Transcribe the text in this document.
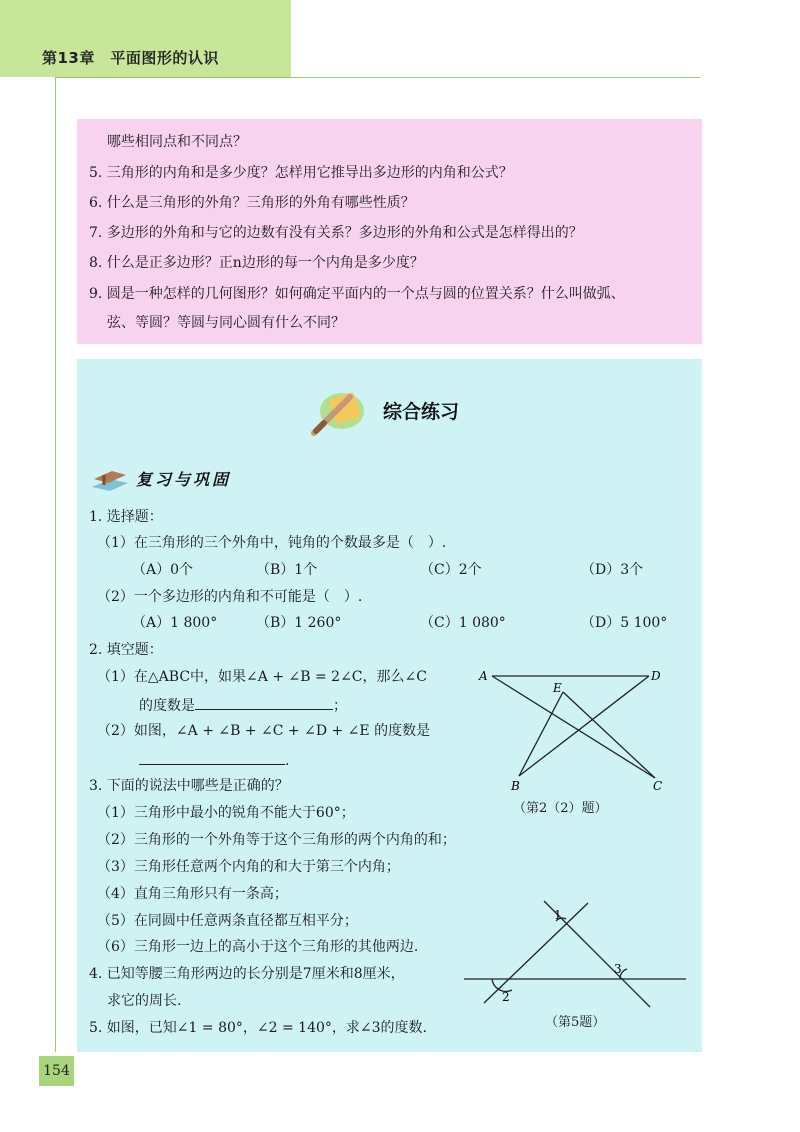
第13章　平面图形的认识
哪些相同点和不同点？
5. 三角形的内角和是多少度？怎样用它推导出多边形的内角和公式？
6. 什么是三角形的外角？三角形的外角有哪些性质？
7. 多边形的外角和与它的边数有没有关系？多边形的外角和公式是怎样得出的？
8. 什么是正多边形？正n边形的每一个内角是多少度？
9. 圆是一种怎样的几何图形？如何确定平面内的一个点与圆的位置关系？什么叫做弧、
弦、等圆？等圆与同心圆有什么不同？
综合练习
复习与巩固
1. 选择题：
（1）在三角形的三个外角中，钝角的个数最多是（　）.
（A）0个	（B）1个	（C）2个	（D）3个
（2）一个多边形的内角和不可能是（　）.
（A）1 800°	（B）1 260°	（C）1 080°	（D）5 100°
2. 填空题：
（1）在△ABC中，如果∠A + ∠B = 2∠C，那么∠C
的度数是	；
（2）如图，∠A + ∠B + ∠C + ∠D + ∠E 的度数是
.
A	D
E
B	C
（第2（2）题）
3. 下面的说法中哪些是正确的？
（1）三角形中最小的锐角不能大于60°；
（2）三角形的一个外角等于这个三角形的两个内角的和；
（3）三角形任意两个内角的和大于第三个内角；
（4）直角三角形只有一条高；
（5）在同圆中任意两条直径都互相平分；
（6）三角形一边上的高小于这个三角形的其他两边.
4. 已知等腰三角形两边的长分别是7厘米和8厘米，
求它的周长.
5. 如图，已知∠1 = 80°，∠2 = 140°，求∠3的度数.
1
2
3
（第5题）
154
